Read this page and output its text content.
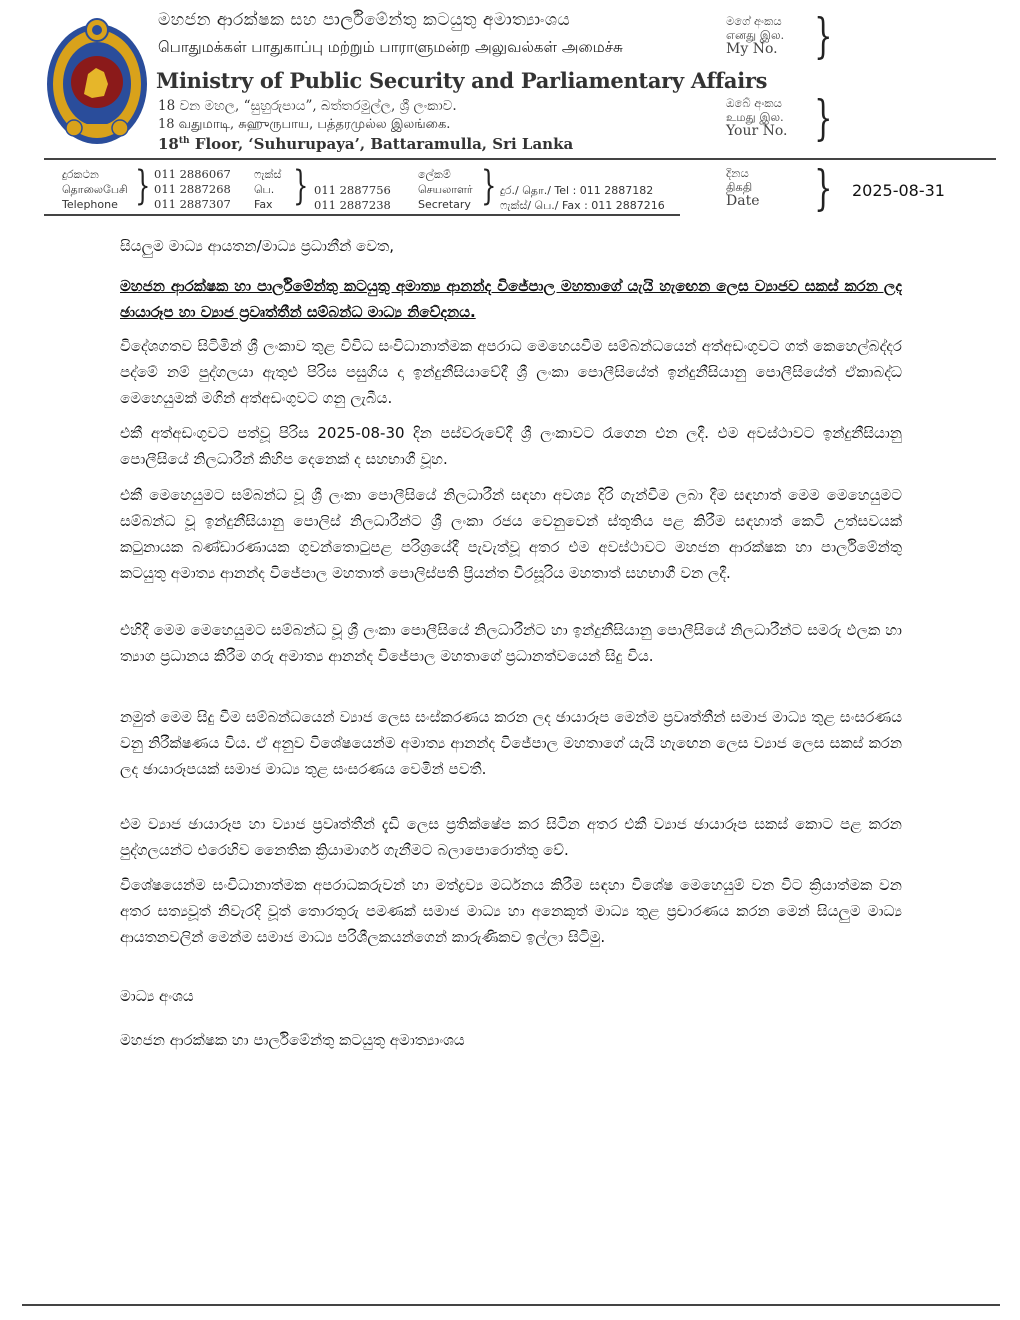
මහජන ආරක්ෂක සහ පාර්ලිමේන්තු කටයුතු අමාත්‍යාංශය
பொதுமக்கள் பாதுகாப்பு மற்றும் பாராளுமன்ற அலுவல்கள் அமைச்சு
Ministry of Public Security and Parliamentary Affairs
18 වන මහල, “සුහුරුපාය”, බත්තරමුල්ල, ශ්‍රී ලංකාව.
18 வதுமாடி, சுஹுருபாய, பத்தரமுல்ல இலங்கை.
18th Floor, ‘Suhurupaya’, Battaramulla, Sri Lanka
මගේ අංකය
எனது இல.
My No. }
ඔබේ අංකය
உமது இல.
Your No. }
දුරකථන
தொலைபேசி
Telephone } 011 2886067
011 2887268
011 2887307
ෆැක්ස්
பெ.
Fax } 011 2887756
011 2887238
ලේකම්
செயலாளர்
Secretary } දුර./ தொ./ Tel : 011 2887182
ෆැක්ස්/ பெ./ Fax : 011 2887216
දිනය
திகதி
Date } 2025-08-31
සියලුම මාධ්‍ය ආයතන/මාධ්‍ය ප්‍රධානීන් වෙත,
මහජන ආරක්ෂක හා පාර්ලිමේන්තු කටයුතු අමාත්‍ය ආනන්ද විජේපාල මහතාගේ යැයි හැඟෙන ලෙස ව්‍යාජව සකස් කරන ලද ඡායාරූප හා ව්‍යාජ ප්‍රවෘත්තීන් සම්බන්ධ මාධ්‍ය නිවේදනය.
විදේශගතව සිටිමින් ශ්‍රී ලංකාව තුළ විවිධ සංවිධානාත්මක අපරාධ මෙහෙයවීම සම්බන්ධයෙන් අත්අඩංගුවට ගත් කෙහෙල්බද්දර පද්මේ නම් පුද්ගලයා ඇතුළු පිරිස පසුගිය දා ඉන්දුනීසියාවේදී ශ්‍රී ලංකා පොලීසියේත් ඉන්දුනීසියානු පොලීසියේත් ඒකාබද්ධ මෙහෙයුමක් මගින් අත්අඩංගුවට ගනු ලැබීය.
එකී අත්අඩංගුවට පත්වූ පිරිස 2025-08-30 දින පස්වරුවේදී ශ්‍රී ලංකාවට රැගෙන එන ලදී. එම අවස්ථාවට ඉන්දුනීසියානු පොලීසියේ නිලධාරීන් කිහිප දෙනෙක් ද සහභාගී වූහ.
එකී මෙහෙයුමට සම්බන්ධ වූ ශ්‍රී ලංකා පොලීසියේ නිලධාරීන් සඳහා අවශ්‍ය දිරි ගැන්වීම ලබා දීම සඳහාත් මෙම මෙහෙයුමට සම්බන්ධ වූ ඉන්දුනීසියානු පොලිස් නිලධාරීන්ට ශ්‍රී ලංකා රජය වෙනුවෙන් ස්තූතිය පළ කිරීම සඳහාත් කෙටි උත්සවයක් කටුනායක බණ්ඩාරණායක ගුවන්තොටුපළ පරිශ්‍රයේදී පැවැත්වූ අතර එම අවස්ථාවට මහජන ආරක්ෂක හා පාර්ලිමේන්තු කටයුතු අමාත්‍ය ආනන්ද විජේපාල මහතාත් පොලිස්පති ප්‍රියන්ත වීරසූරිය මහතාත් සහභාගී වන ලදී.
එහිදී මෙම මෙහෙයුමට සම්බන්ධ වූ ශ්‍රී ලංකා පොලීසියේ නිලධාරීන්ට හා ඉන්දුනීසියානු පොලීසියේ නිලධාරීන්ට සමරු ඵලක හා ත්‍යාග ප්‍රධානය කිරීම ගරු අමාත්‍ය ආනන්ද විජේපාල මහතාගේ ප්‍රධානත්වයෙන් සිදු විය.
නමුත් මෙම සිදු වීම සම්බන්ධයෙන් ව්‍යාජ ලෙස සංස්කරණය කරන ලද ඡායාරූප මෙන්ම ප්‍රවෘත්තීන් සමාජ මාධ්‍ය තුළ සංසරණය වනු නිරීක්ෂණය විය. ඒ අනුව විශේෂයෙන්ම අමාත්‍ය ආනන්ද විජේපාල මහතාගේ යැයි හැඟෙන ලෙස ව්‍යාජ ලෙස සකස් කරන ලද ඡායාරූපයක් සමාජ මාධ්‍ය තුළ සංසරණය වෙමින් පවතී.
එම ව්‍යාජ ඡායාරූප හා ව්‍යාජ ප්‍රවෘත්තීන් දැඩි ලෙස ප්‍රතික්ෂේප කර සිටින අතර එකී ව්‍යාජ ඡායාරූප සකස් කොට පළ කරන පුද්ගලයන්ට එරෙහිව නෛතික ක්‍රියාමාර්ග ගැනීමට බලාපොරොත්තු වේ.
විශේෂයෙන්ම සංවිධානාත්මක අපරාධකරුවන් හා මත්ද්‍රව්‍ය මර්ධනය කිරීම සඳහා විශේෂ මෙහෙයුම් වන විට ක්‍රියාත්මක වන අතර සත්‍යවූත් නිවැරදි වූත් තොරතුරු පමණක් සමාජ මාධ්‍ය හා අනෙකුත් මාධ්‍ය තුළ ප්‍රචාරණය කරන මෙන් සියලුම මාධ්‍ය ආයතනවලින් මෙන්ම සමාජ මාධ්‍ය පරිශීලකයන්ගෙන් කාරුණිකව ඉල්ලා සිටිමු.
මාධ්‍ය අංශය
මහජන ආරක්ෂක හා පාර්ලිමේන්තු කටයුතු අමාත්‍යාංශය
